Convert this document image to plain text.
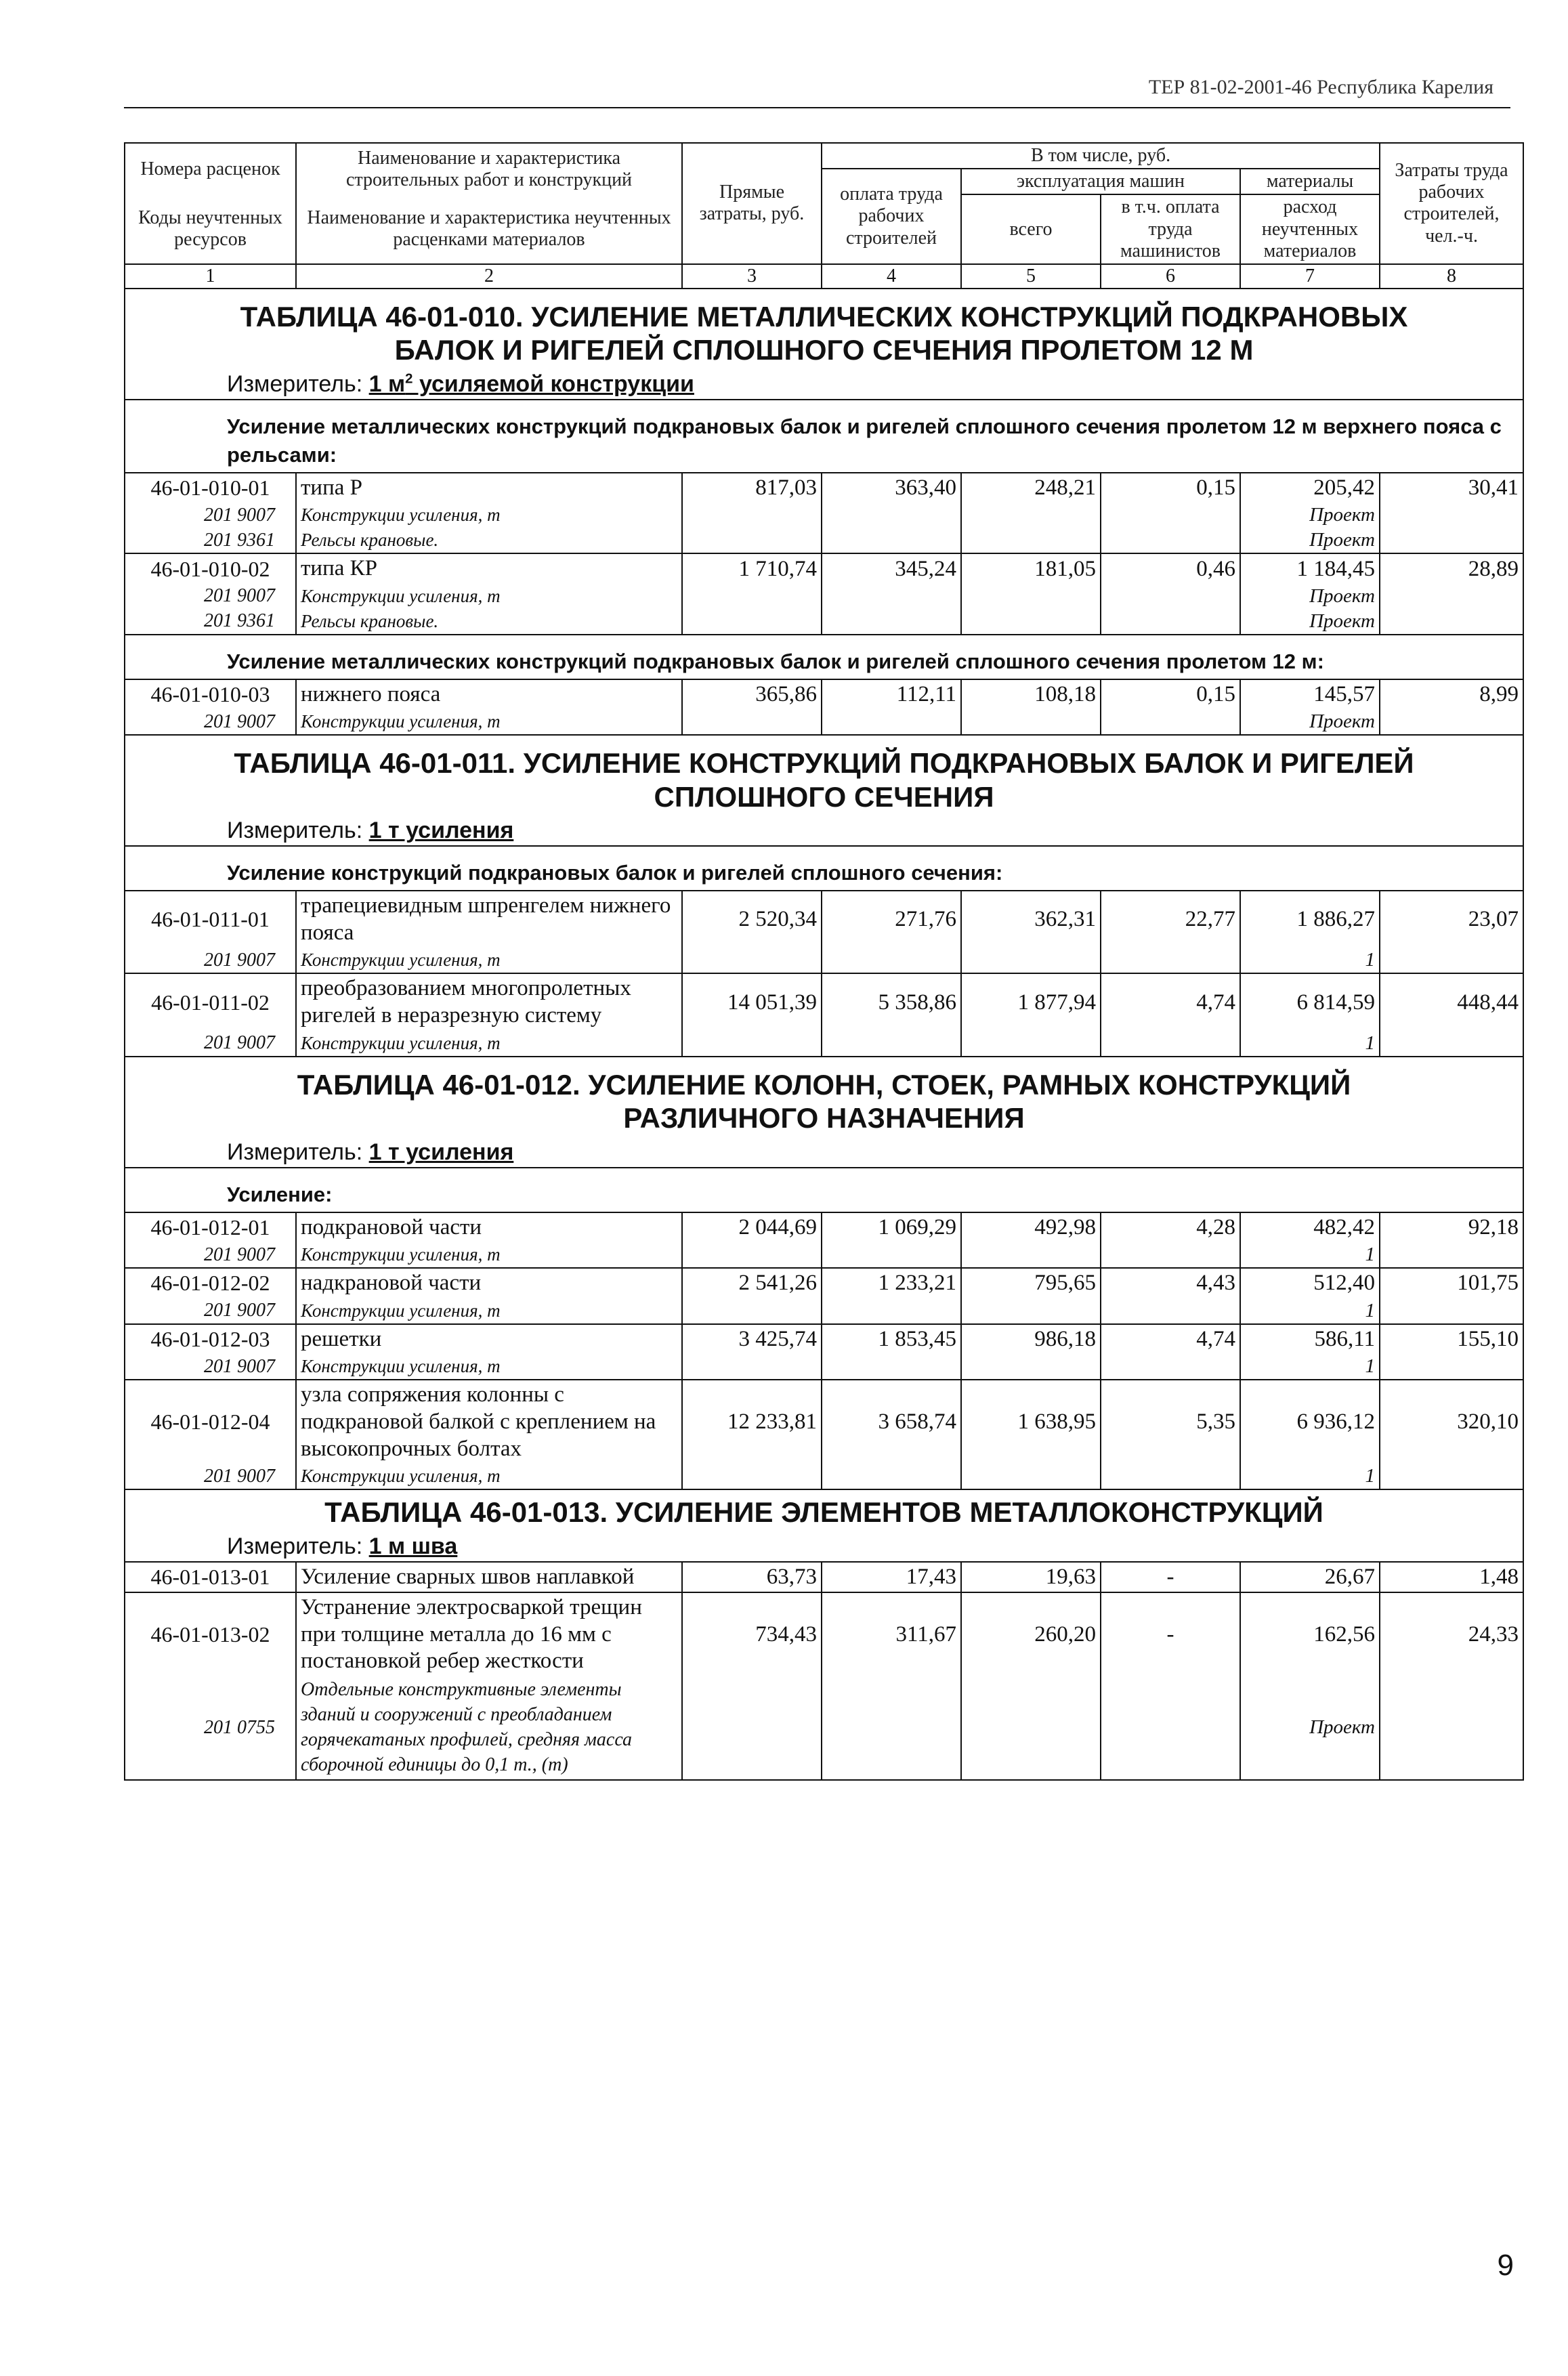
ТЕР 81-02-2001-46 Республика Карелия
Номера расценок	Наименование и характеристика строительных работ и конструкций	Прямые затраты, руб.	В том числе, руб.				Затраты труда рабочих строителей, чел.-ч.
			оплата труда рабочих строителей	эксплуатация машин		материалы	
Коды неучтенных ресурсов	Наименование и характеристика неучтенных расценками материалов			всего	в т.ч. оплата труда машинистов	расход неучтенных материалов	

1	2	3	4	5	6	7	8

ТАБЛИЦА 46-01-010. УСИЛЕНИЕ МЕТАЛЛИЧЕСКИХ КОНСТРУКЦИЙ ПОДКРАНОВЫХ
БАЛОК И РИГЕЛЕЙ СПЛОШНОГО СЕЧЕНИЯ ПРОЛЕТОМ 12 М							

Измеритель: 1 $м^2$ усиляемой конструкции							
Усиление металлических конструкций подкрановых балок и ригелей сплошного сечения пролетом 12 м верхнего пояса с рельсами:							
46-01-010-01	типа Р	817,03	363,40	248,21	0,15	205,42	30,41
201 9007	Конструкции усиления, т					Проект	
201 9361	Рельсы крановые.					Проект	
46-01-010-02	типа КР	1 710,74	345,24	181,05	0,46	1 184,45	28,89
201 9007	Конструкции усиления, т					Проект	
201 9361	Рельсы крановые.					Проект	
Усиление металлических конструкций подкрановых балок и ригелей сплошного сечения пролетом 12 м:							
46-01-010-03	нижнего пояса	365,86	112,11	108,18	0,15	145,57	8,99
201 9007	Конструкции усиления, т					Проект	

ТАБЛИЦА 46-01-011. УСИЛЕНИЕ КОНСТРУКЦИЙ ПОДКРАНОВЫХ БАЛОК И РИГЕЛЕЙ
СПЛОШНОГО СЕЧЕНИЯ							

Измеритель: 1 т усиления							
Усиление конструкций подкрановых балок и ригелей сплошного сечения:							
46-01-011-01	трапециевидным шпренгелем нижнего пояса	2 520,34	271,76	362,31	22,77	1 886,27	23,07
201 9007	Конструкции усиления, т					1	
46-01-011-02	преобразованием многопролетных ригелей в неразрезную систему	14 051,39	5 358,86	1 877,94	4,74	6 814,59	448,44
201 9007	Конструкции усиления, т					1	

ТАБЛИЦА 46-01-012. УСИЛЕНИЕ КОЛОНН, СТОЕК, РАМНЫХ КОНСТРУКЦИЙ
РАЗЛИЧНОГО НАЗНАЧЕНИЯ							

Измеритель: 1 т усиления							
Усиление:							
46-01-012-01	подкрановой части	2 044,69	1 069,29	492,98	4,28	482,42	92,18
201 9007	Конструкции усиления, т					1	
46-01-012-02	надкрановой части	2 541,26	1 233,21	795,65	4,43	512,40	101,75
201 9007	Конструкции усиления, т					1	
46-01-012-03	решетки	3 425,74	1 853,45	986,18	4,74	586,11	155,10
201 9007	Конструкции усиления, т					1	
46-01-012-04	узла сопряжения колонны с подкрановой балкой с креплением на высокопрочных болтах	12 233,81	3 658,74	1 638,95	5,35	6 936,12	320,10
201 9007	Конструкции усиления, т					1	

ТАБЛИЦА 46-01-013. УСИЛЕНИЕ ЭЛЕМЕНТОВ МЕТАЛЛОКОНСТРУКЦИЙ							

Измеритель: 1 м шва							
46-01-013-01	Усиление сварных швов наплавкой	63,73	17,43	19,63	-	26,67	1,48
46-01-013-02	Устранение электросваркой трещин при толщине металла до 16 мм с постановкой ребер жесткости	734,43	311,67	260,20	-	162,56	24,33
201 0755	Отдельные конструктивные элементы зданий и сооружений с преобладанием горячекатаных профилей, средняя масса сборочной единицы до 0,1 т., (т)					Проект	
9
